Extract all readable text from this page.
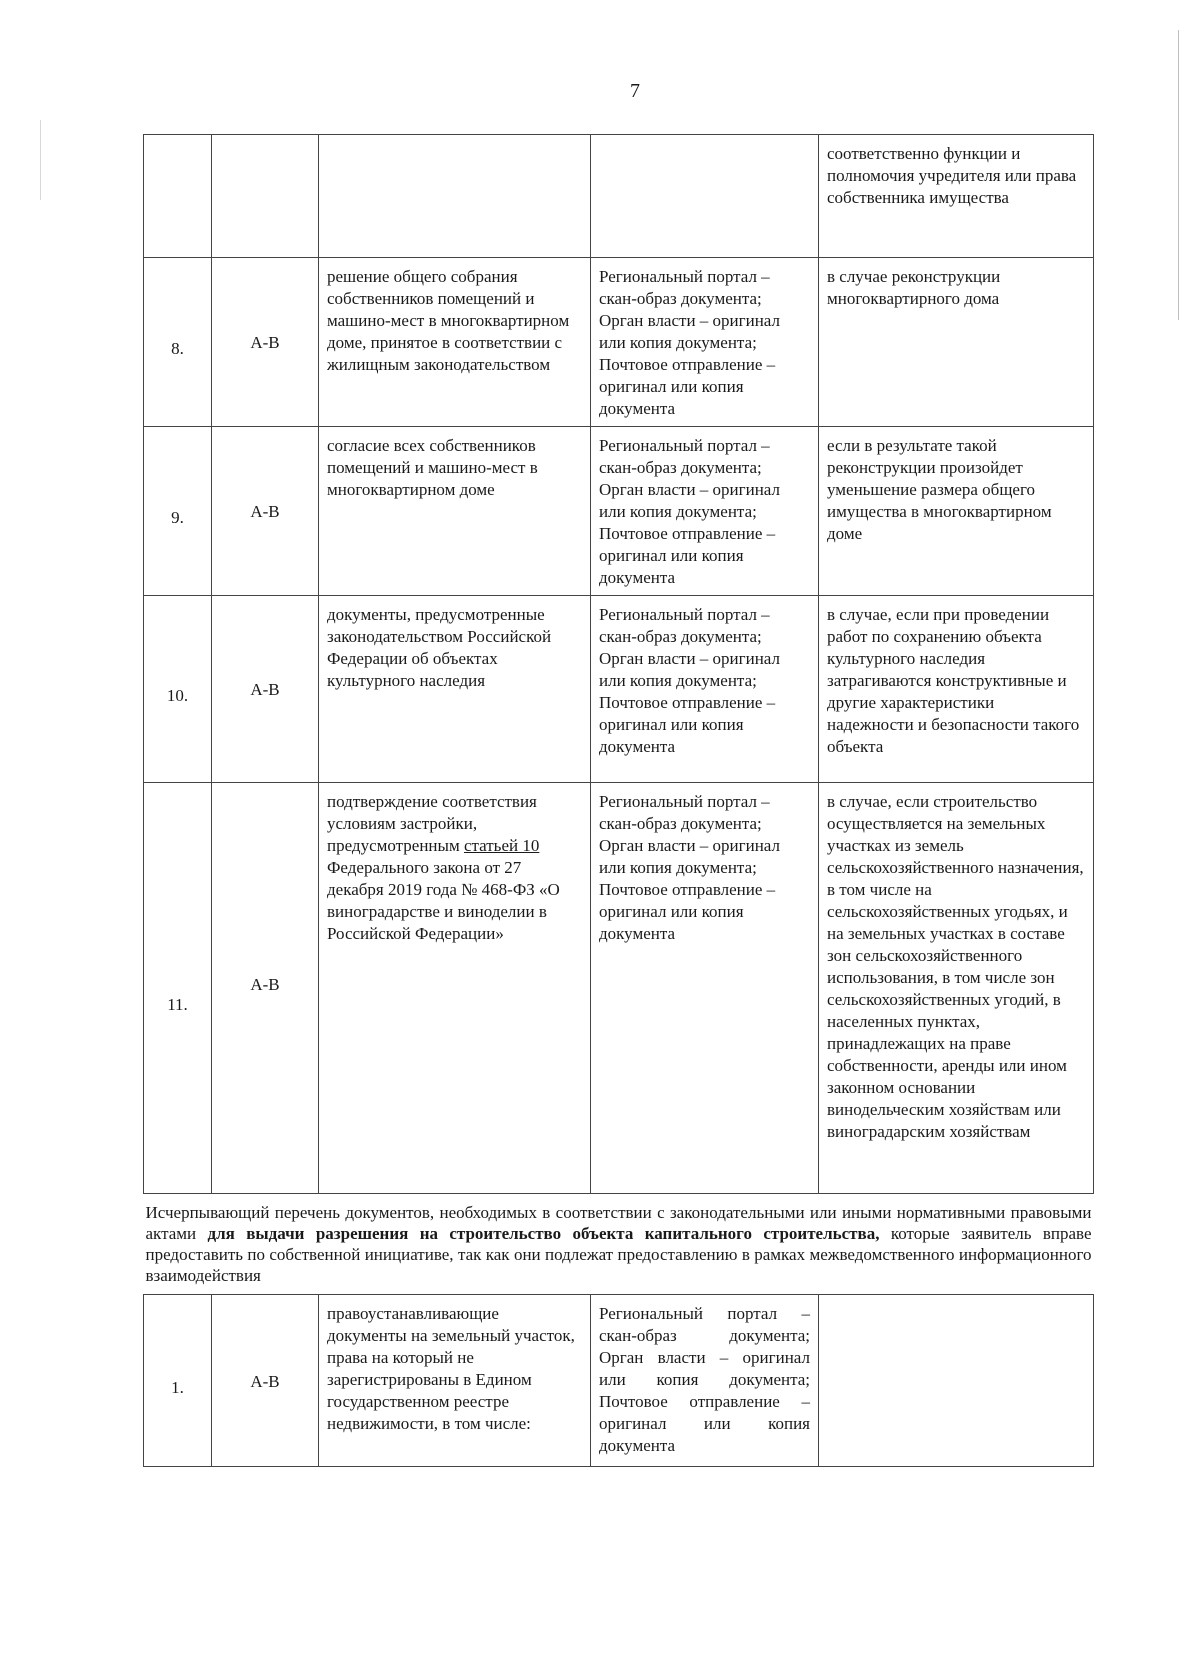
7
				соответственно функции и полномочия учредителя или права собственника имущества
8.	А-В	решение общего собрания собственников помещений и машино-мест в многоквартирном доме, принятое в соответствии с жилищным законодательством	Региональный портал – скан-образ документа; Орган власти – оригинал или копия документа; Почтовое отправление – оригинал или копия документа	в случае реконструкции многоквартирного дома
9.	А-В	согласие всех собственников помещений и машино-мест в многоквартирном доме	Региональный портал – скан-образ документа; Орган власти – оригинал или копия документа; Почтовое отправление – оригинал или копия документа	если в результате такой реконструкции произойдет уменьшение размера общего имущества в многоквартирном доме
10.	А-В	документы, предусмотренные законодательством Российской Федерации об объектах культурного наследия	Региональный портал – скан-образ документа; Орган власти – оригинал или копия документа; Почтовое отправление – оригинал или копия документа	в случае, если при проведении работ по сохранению объекта культурного наследия затрагиваются конструктивные и другие характеристики надежности и безопасности такого объекта
11.	А-В	подтверждение соответствия условиям застройки, предусмотренным статьей 10 Федерального закона от 27 декабря 2019 года № 468-ФЗ «О виноградарстве и виноделии в Российской Федерации»	Региональный портал – скан-образ документа; Орган власти – оригинал или копия документа; Почтовое отправление – оригинал или копия документа	в случае, если строительство осуществляется на земельных участках из земель сельскохозяйственного назначения, в том числе на сельскохозяйственных угодьях, и на земельных участках в составе зон сельскохозяйственного использования, в том числе зон сельскохозяйственных угодий, в населенных пунктах, принадлежащих на праве собственности, аренды или ином законном основании винодельческим хозяйствам или виноградарским хозяйствам
Исчерпывающий перечень документов, необходимых в соответствии с законодательными или иными нормативными правовыми актами для выдачи разрешения на строительство объекта капитального строительства, которые заявитель вправе предоставить по собственной инициативе, так как они подлежат предоставлению в рамках межведомственного информационного взаимодействия				
1.	А-В	правоустанавливающие документы на земельный участок, права на который не зарегистрированы в Едином государственном реестре недвижимости, в том числе:	Региональный портал – скан-образ документа; Орган власти – оригинал или копия документа; Почтовое отправление – оригинал или копия документа	
